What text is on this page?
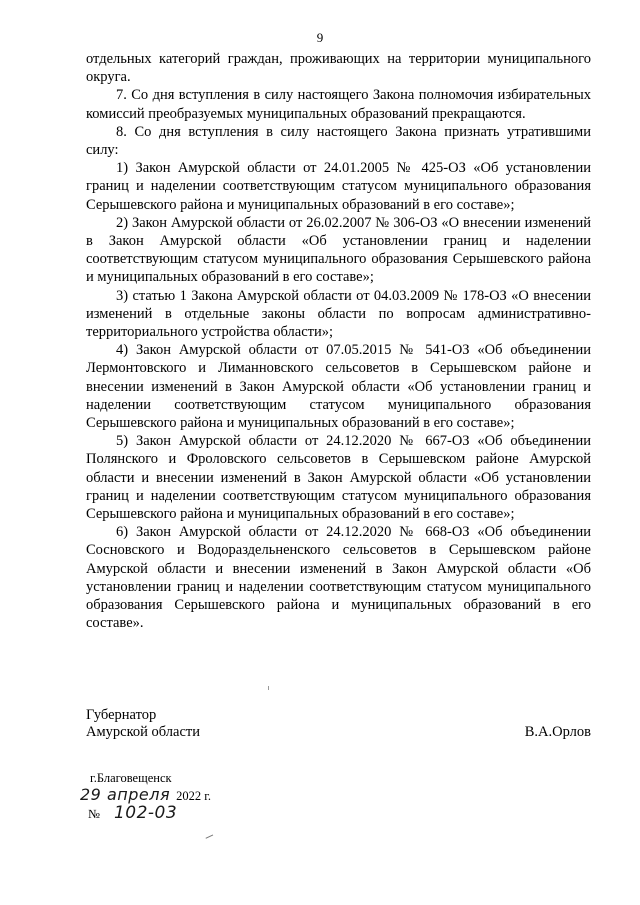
9

отдельных категорий граждан, проживающих на территории муниципального округа.

7. Со дня вступления в силу настоящего Закона полномочия избирательных комиссий преобразуемых муниципальных образований прекращаются.

8. Со дня вступления в силу настоящего Закона признать утратившими силу:

1) Закон Амурской области от 24.01.2005 № 425-ОЗ «Об установлении границ и наделении соответствующим статусом муниципального образования Серышевского района и муниципальных образований в его составе»;

2) Закон Амурской области от 26.02.2007 № 306-ОЗ «О внесении изменений в Закон Амурской области «Об установлении границ и наделении соответствующим статусом муниципального образования Серышевского района и муниципальных образований в его составе»;

3) статью 1 Закона Амурской области от 04.03.2009 № 178-ОЗ «О внесении изменений в отдельные законы области по вопросам административно-территориального устройства области»;

4) Закон Амурской области от 07.05.2015 № 541-ОЗ «Об объединении Лермонтовского и Лиманновского сельсоветов в Серышевском районе и внесении изменений в Закон Амурской области «Об установлении границ и наделении соответствующим статусом муниципального образования Серышевского района и муниципальных образований в его составе»;

5) Закон Амурской области от 24.12.2020 № 667-ОЗ «Об объединении Полянского и Фроловского сельсоветов в Серышевском районе Амурской области и внесении изменений в Закон Амурской области «Об установлении границ и наделении соответствующим статусом муниципального образования Серышевского района и муниципальных образований в его составе»;

6) Закон Амурской области от 24.12.2020 № 668-ОЗ «Об объединении Сосновского и Водораздельненского сельсоветов в Серышевском районе Амурской области и внесении изменений в Закон Амурской области «Об установлении границ и наделении соответствующим статусом муниципального образования Серышевского района и муниципальных образований в его составе».

Губернатор
Амурской области	В.А.Орлов
г.Благовещенск
29 апреля 2022 г.
№ 102-03
